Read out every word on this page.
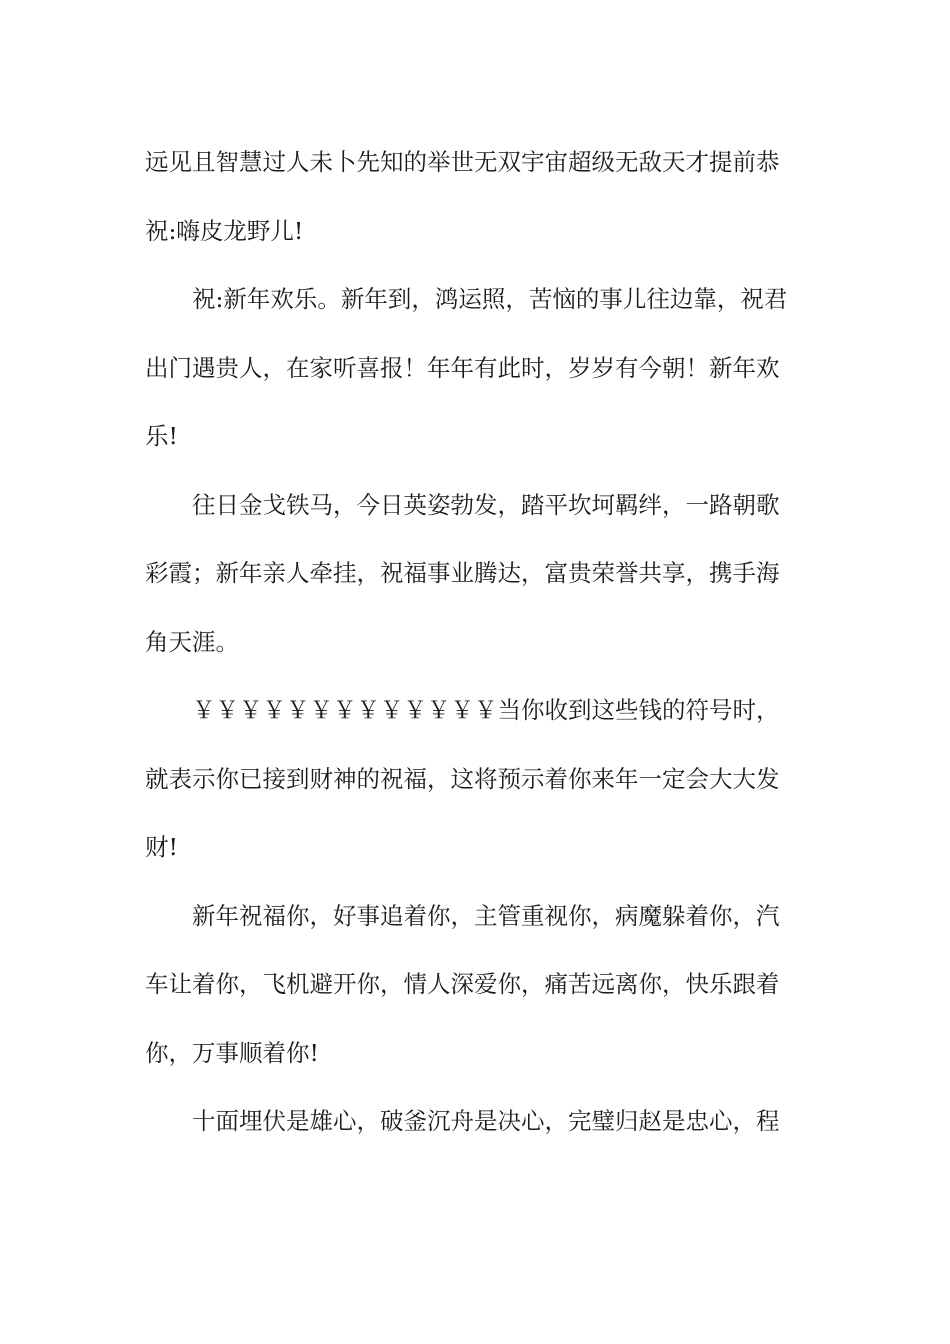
远见且智慧过人未卜先知的举世无双宇宙超级无敌天才提前恭
祝:嗨皮龙野儿!
祝:新年欢乐。新年到，鸿运照，苦恼的事儿往边靠，祝君
出门遇贵人，在家听喜报！年年有此时，岁岁有今朝！新年欢
乐!
往日金戈铁马，今日英姿勃发，踏平坎坷羁绊，一路朝歌
彩霞；新年亲人牵挂，祝福事业腾达，富贵荣誉共享，携手海
角天涯。
￥￥￥￥￥￥￥￥￥￥￥￥￥当你收到这些钱的符号时，
就表示你已接到财神的祝福，这将预示着你来年一定会大大发
财!
新年祝福你，好事追着你，主管重视你，病魔躲着你，汽
车让着你，飞机避开你，情人深爱你，痛苦远离你，快乐跟着
你，万事顺着你!
十面埋伏是雄心，破釜沉舟是决心，完璧归赵是忠心，程
